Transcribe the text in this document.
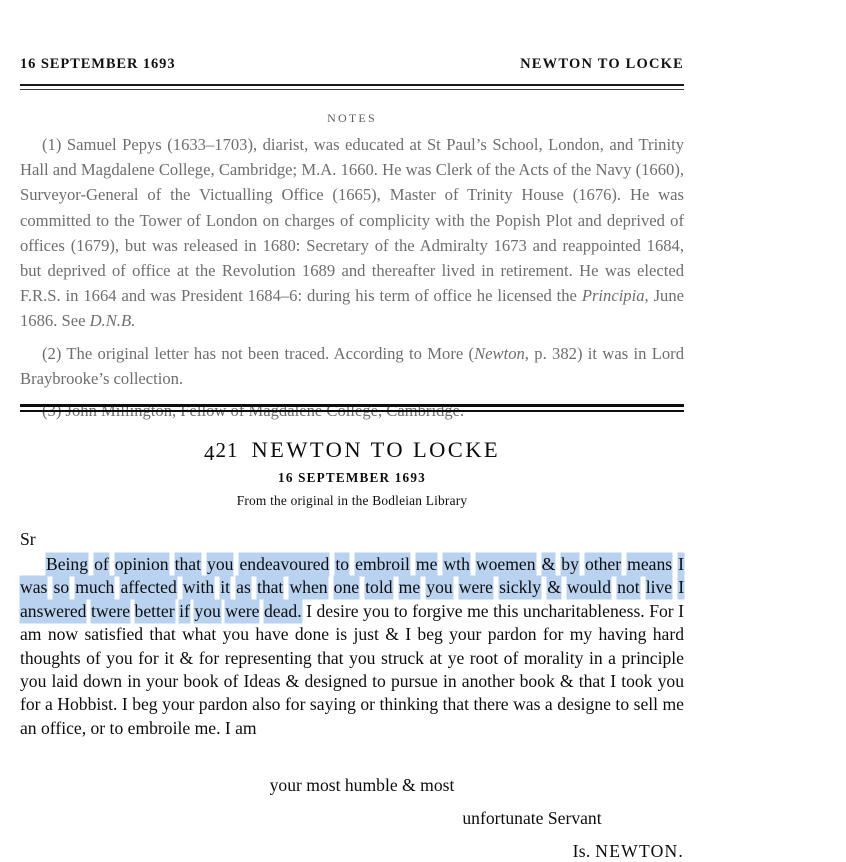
16 SEPTEMBER 1693	NEWTON TO LOCKE
NOTES

(1) Samuel Pepys (1633–1703), diarist, was educated at St Paul’s School, London, and Trinity Hall and Magdalene College, Cambridge; M.A. 1660. He was Clerk of the Acts of the Navy (1660), Surveyor-General of the Victualling Office (1665), Master of Trinity House (1676). He was committed to the Tower of London on charges of complicity with the Popish Plot and deprived of offices (1679), but was released in 1680: Secretary of the Admiralty 1673 and reappointed 1684, but deprived of office at the Revolution 1689 and thereafter lived in retirement. He was elected F.R.S. in 1664 and was President 1684–6: during his term of office he licensed the Principia, June 1686. See D.N.B.

(2) The original letter has not been traced. According to More (Newton, p. 382) it was in Lord Braybrooke’s collection.

(3) John Millington, Fellow of Magdalene College, Cambridge.

421 NEWTON TO LOCKE
16 SEPTEMBER 1693
From the original in the Bodleian Library
Sr

Being of opinion that you endeavoured to embroil me wth woemen & by other means I was so much affected with it as that when one told me you were sickly & would not live I answered twere better if you were dead. I desire you to forgive me this uncharitableness. For I am now satisfied that what you have done is just & I beg your pardon for my having hard thoughts of you for it & for representing that you struck at ye root of morality in a principle you laid down in your book of Ideas & designed to pursue in another book & that I took you for a Hobbist. I beg your pardon also for saying or thinking that there was a designe to sell me an office, or to embroile me. I am

your most humble & most
unfortunate Servant
Is. NEWTON.
